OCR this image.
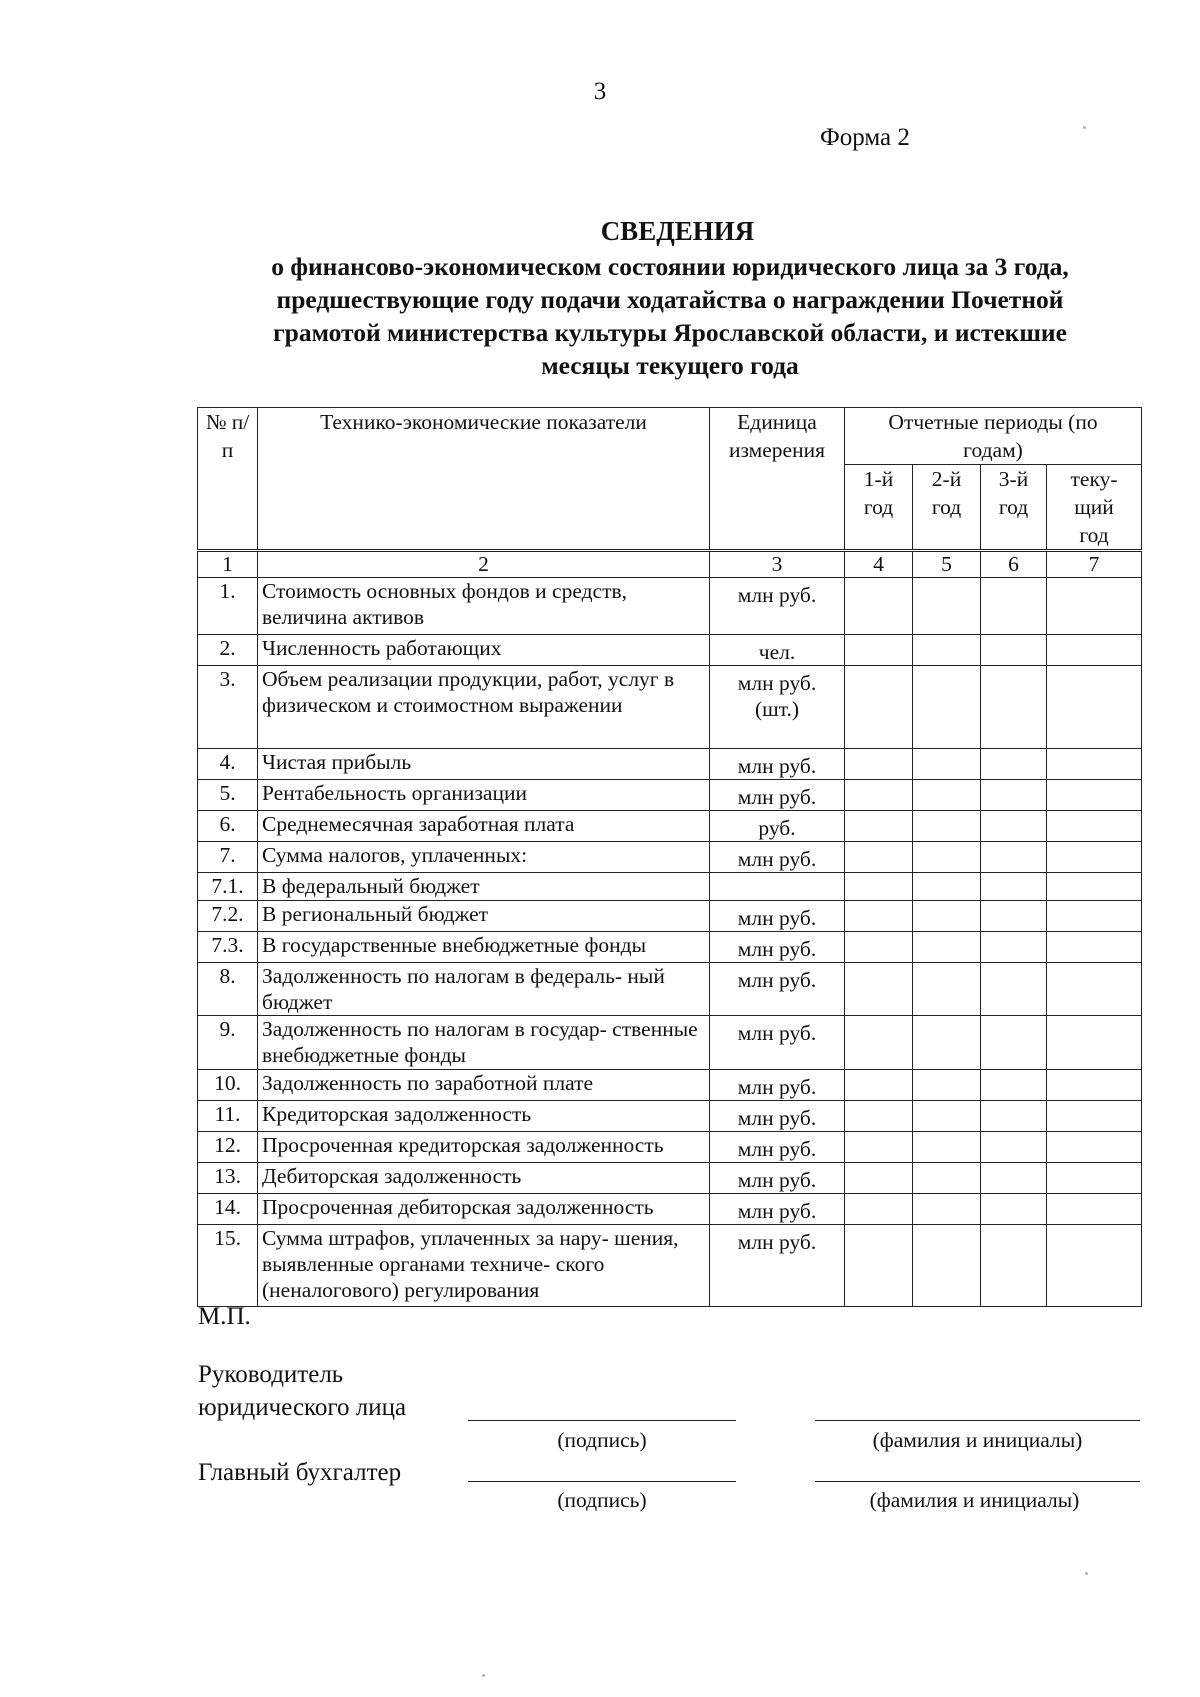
3
Форма 2
СВЕДЕНИЯ
о финансово-экономическом состоянии юридического лица за 3 года,
предшествующие году подачи ходатайства о награждении Почетной
грамотой министерства культуры Ярославской области, и истекшие
месяцы текущего года
№ п/п	Технико-экономические показатели	Единица измерения	Отчетные периоды (по годам)			
			1-й год	2-й год	3-й год	теку- щий год
1	2	3	4	5	6	7
1.	Стоимость основных фондов и средств, величина активов	млн руб.				
2.	Численность работающих	чел.				
3.	Объем реализации продукции, работ, услуг в физическом и стоимостном выражении	млн руб. (шт.)				
4.	Чистая прибыль	млн руб.				
5.	Рентабельность организации	млн руб.				
6.	Среднемесячная заработная плата	руб.				
7.	Сумма налогов, уплаченных:	млн руб.				
7.1.	В федеральный бюджет					
7.2.	В региональный бюджет	млн руб.				
7.3.	В государственные внебюджетные фонды	млн руб.				
8.	Задолженность по налогам в федераль- ный бюджет	млн руб.				
9.	Задолженность по налогам в государ- ственные внебюджетные фонды	млн руб.				
10.	Задолженность по заработной плате	млн руб.				
11.	Кредиторская задолженность	млн руб.				
12.	Просроченная кредиторская задолженность	млн руб.				
13.	Дебиторская задолженность	млн руб.				
14.	Просроченная дебиторская задолженность	млн руб.				
15.	Сумма штрафов, уплаченных за нару- шения, выявленные органами техниче- ского (неналогового) регулирования	млн руб.				
М.П.
Руководитель
юридического лица
(подпись)	(фамилия и инициалы)
Главный бухгалтер
(подпись)	(фамилия и инициалы)
